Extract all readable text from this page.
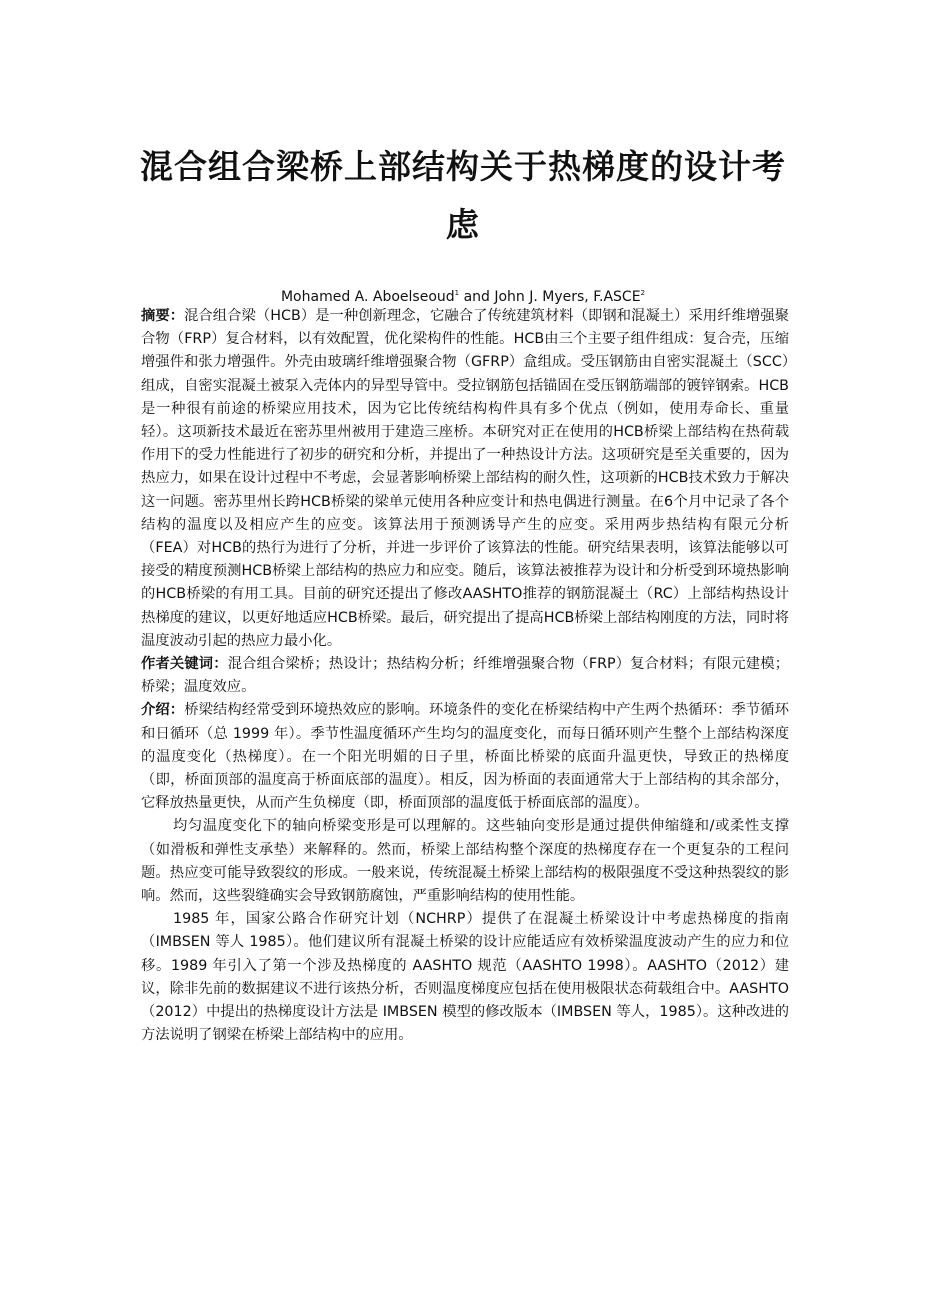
混合组合梁桥上部结构关于热梯度的设计考虑
Mohamed A. Aboelseoud$^1$ and John J. Myers, F.ASCE$^2$

摘要：混合组合梁（HCB）是一种创新理念，它融合了传统建筑材料（即钢和混凝土）采用纤维增强聚合物（FRP）复合材料，以有效配置，优化梁构件的性能。HCB由三个主要子组件组成：复合壳，压缩增强件和张力增强件。外壳由玻璃纤维增强聚合物（GFRP）盒组成。受压钢筋由自密实混凝土（SCC）组成，自密实混凝土被泵入壳体内的异型导管中。受拉钢筋包括锚固在受压钢筋端部的镀锌钢索。HCB是一种很有前途的桥梁应用技术，因为它比传统结构构件具有多个优点（例如，使用寿命长、重量轻）。这项新技术最近在密苏里州被用于建造三座桥。本研究对正在使用的HCB桥梁上部结构在热荷载作用下的受力性能进行了初步的研究和分析，并提出了一种热设计方法。这项研究是至关重要的，因为热应力，如果在设计过程中不考虑，会显著影响桥梁上部结构的耐久性，这项新的HCB技术致力于解决这一问题。密苏里州长跨HCB桥梁的梁单元使用各种应变计和热电偶进行测量。在6个月中记录了各个结构的温度以及相应产生的应变。该算法用于预测诱导产生的应变。采用两步热结构有限元分析（FEA）对HCB的热行为进行了分析，并进一步评价了该算法的性能。研究结果表明，该算法能够以可接受的精度预测HCB桥梁上部结构的热应力和应变。随后，该算法被推荐为设计和分析受到环境热影响的HCB桥梁的有用工具。目前的研究还提出了修改AASHTO推荐的钢筋混凝土（RC）上部结构热设计热梯度的建议，以更好地适应HCB桥梁。最后，研究提出了提高HCB桥梁上部结构刚度的方法，同时将温度波动引起的热应力最小化。

作者关键词：混合组合梁桥；热设计；热结构分析；纤维增强聚合物（FRP）复合材料；有限元建模；桥梁；温度效应。

介绍：桥梁结构经常受到环境热效应的影响。环境条件的变化在桥梁结构中产生两个热循环：季节循环和日循环（总 1999 年）。季节性温度循环产生均匀的温度变化，而每日循环则产生整个上部结构深度的温度变化（热梯度）。在一个阳光明媚的日子里，桥面比桥梁的底面升温更快，导致正的热梯度（即，桥面顶部的温度高于桥面底部的温度）。相反，因为桥面的表面通常大于上部结构的其余部分，它释放热量更快，从而产生负梯度（即，桥面顶部的温度低于桥面底部的温度）。

均匀温度变化下的轴向桥梁变形是可以理解的。这些轴向变形是通过提供伸缩缝和/或柔性支撑（如滑板和弹性支承垫）来解释的。然而，桥梁上部结构整个深度的热梯度存在一个更复杂的工程问题。热应变可能导致裂纹的形成。一般来说，传统混凝土桥梁上部结构的极限强度不受这种热裂纹的影响。然而，这些裂缝确实会导致钢筋腐蚀，严重影响结构的使用性能。

1985 年，国家公路合作研究计划（NCHRP）提供了在混凝土桥梁设计中考虑热梯度的指南（IMBSEN 等人 1985）。他们建议所有混凝土桥梁的设计应能适应有效桥梁温度波动产生的应力和位移。1989 年引入了第一个涉及热梯度的 AASHTO 规范（AASHTO 1998）。AASHTO（2012）建议，除非先前的数据建议不进行该热分析，否则温度梯度应包括在使用极限状态荷载组合中。AASHTO（2012）中提出的热梯度设计方法是 IMBSEN 模型的修改版本（IMBSEN 等人，1985）。这种改进的方法说明了钢梁在桥梁上部结构中的应用。
